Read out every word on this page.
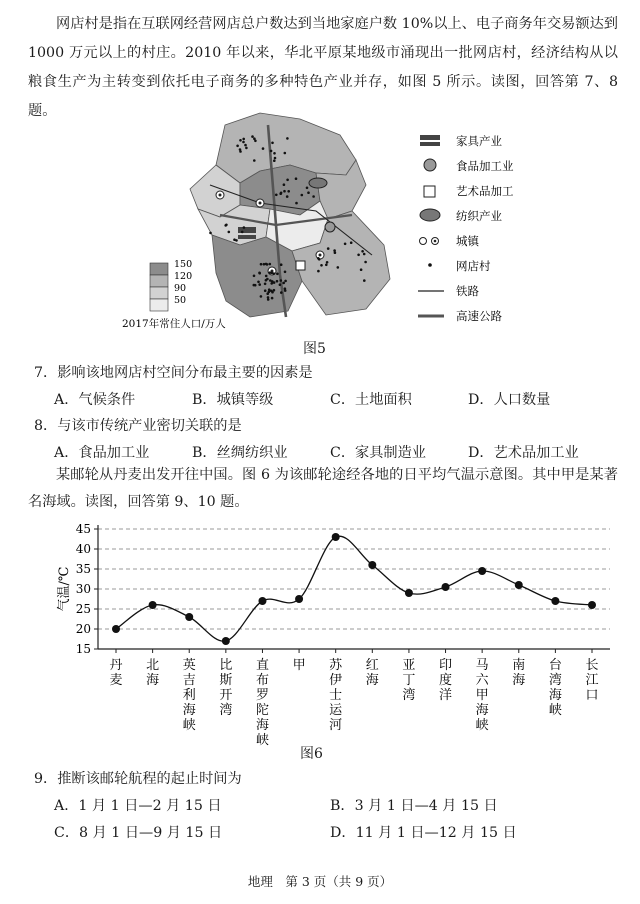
网店村是指在互联网经营网店总户数达到当地家庭户数 10%以上、电子商务年交易额达到 1000 万元以上的村庄。2010 年以来，华北平原某地级市涌现出一批网店村，经济结构从以粮食生产为主转变到依托电子商务的多种特色产业并存，如图 5 所示。读图，回答第 7、8 题。

150
120
90
50
2017年常住人口/万人
家具产业
食品加工业
艺术品加工
纺织产业
城镇
网店村
铁路
高速公路
图5
7．影响该地网店村空间分布最主要的因素是
A．气候条件	B．城镇等级	C．土地面积	D．人口数量
8．与该市传统产业密切关联的是
A．食品加工业	B．丝绸纺织业	C．家具制造业	D．艺术品加工业

某邮轮从丹麦出发开往中国。图 6 为该邮轮途经各地的日平均气温示意图。其中甲是某著名海域。读图，回答第 9、10 题。

15
20
25
30
35
40
45
气温/℃
丹麦
北海
英吉利海峡
比斯开湾
直布罗陀海峡
甲 苏伊士运河
红海
亚丁湾
印度洋
马六甲海峡
南海
台湾海峡
长江口
图6
9．推断该邮轮航程的起止时间为
A．1 月 1 日—2 月 15 日	B．3 月 1 日—4 月 15 日
C．8 月 1 日—9 月 15 日	D．11 月 1 日—12 月 15 日
地理　第 3 页（共 9 页）
